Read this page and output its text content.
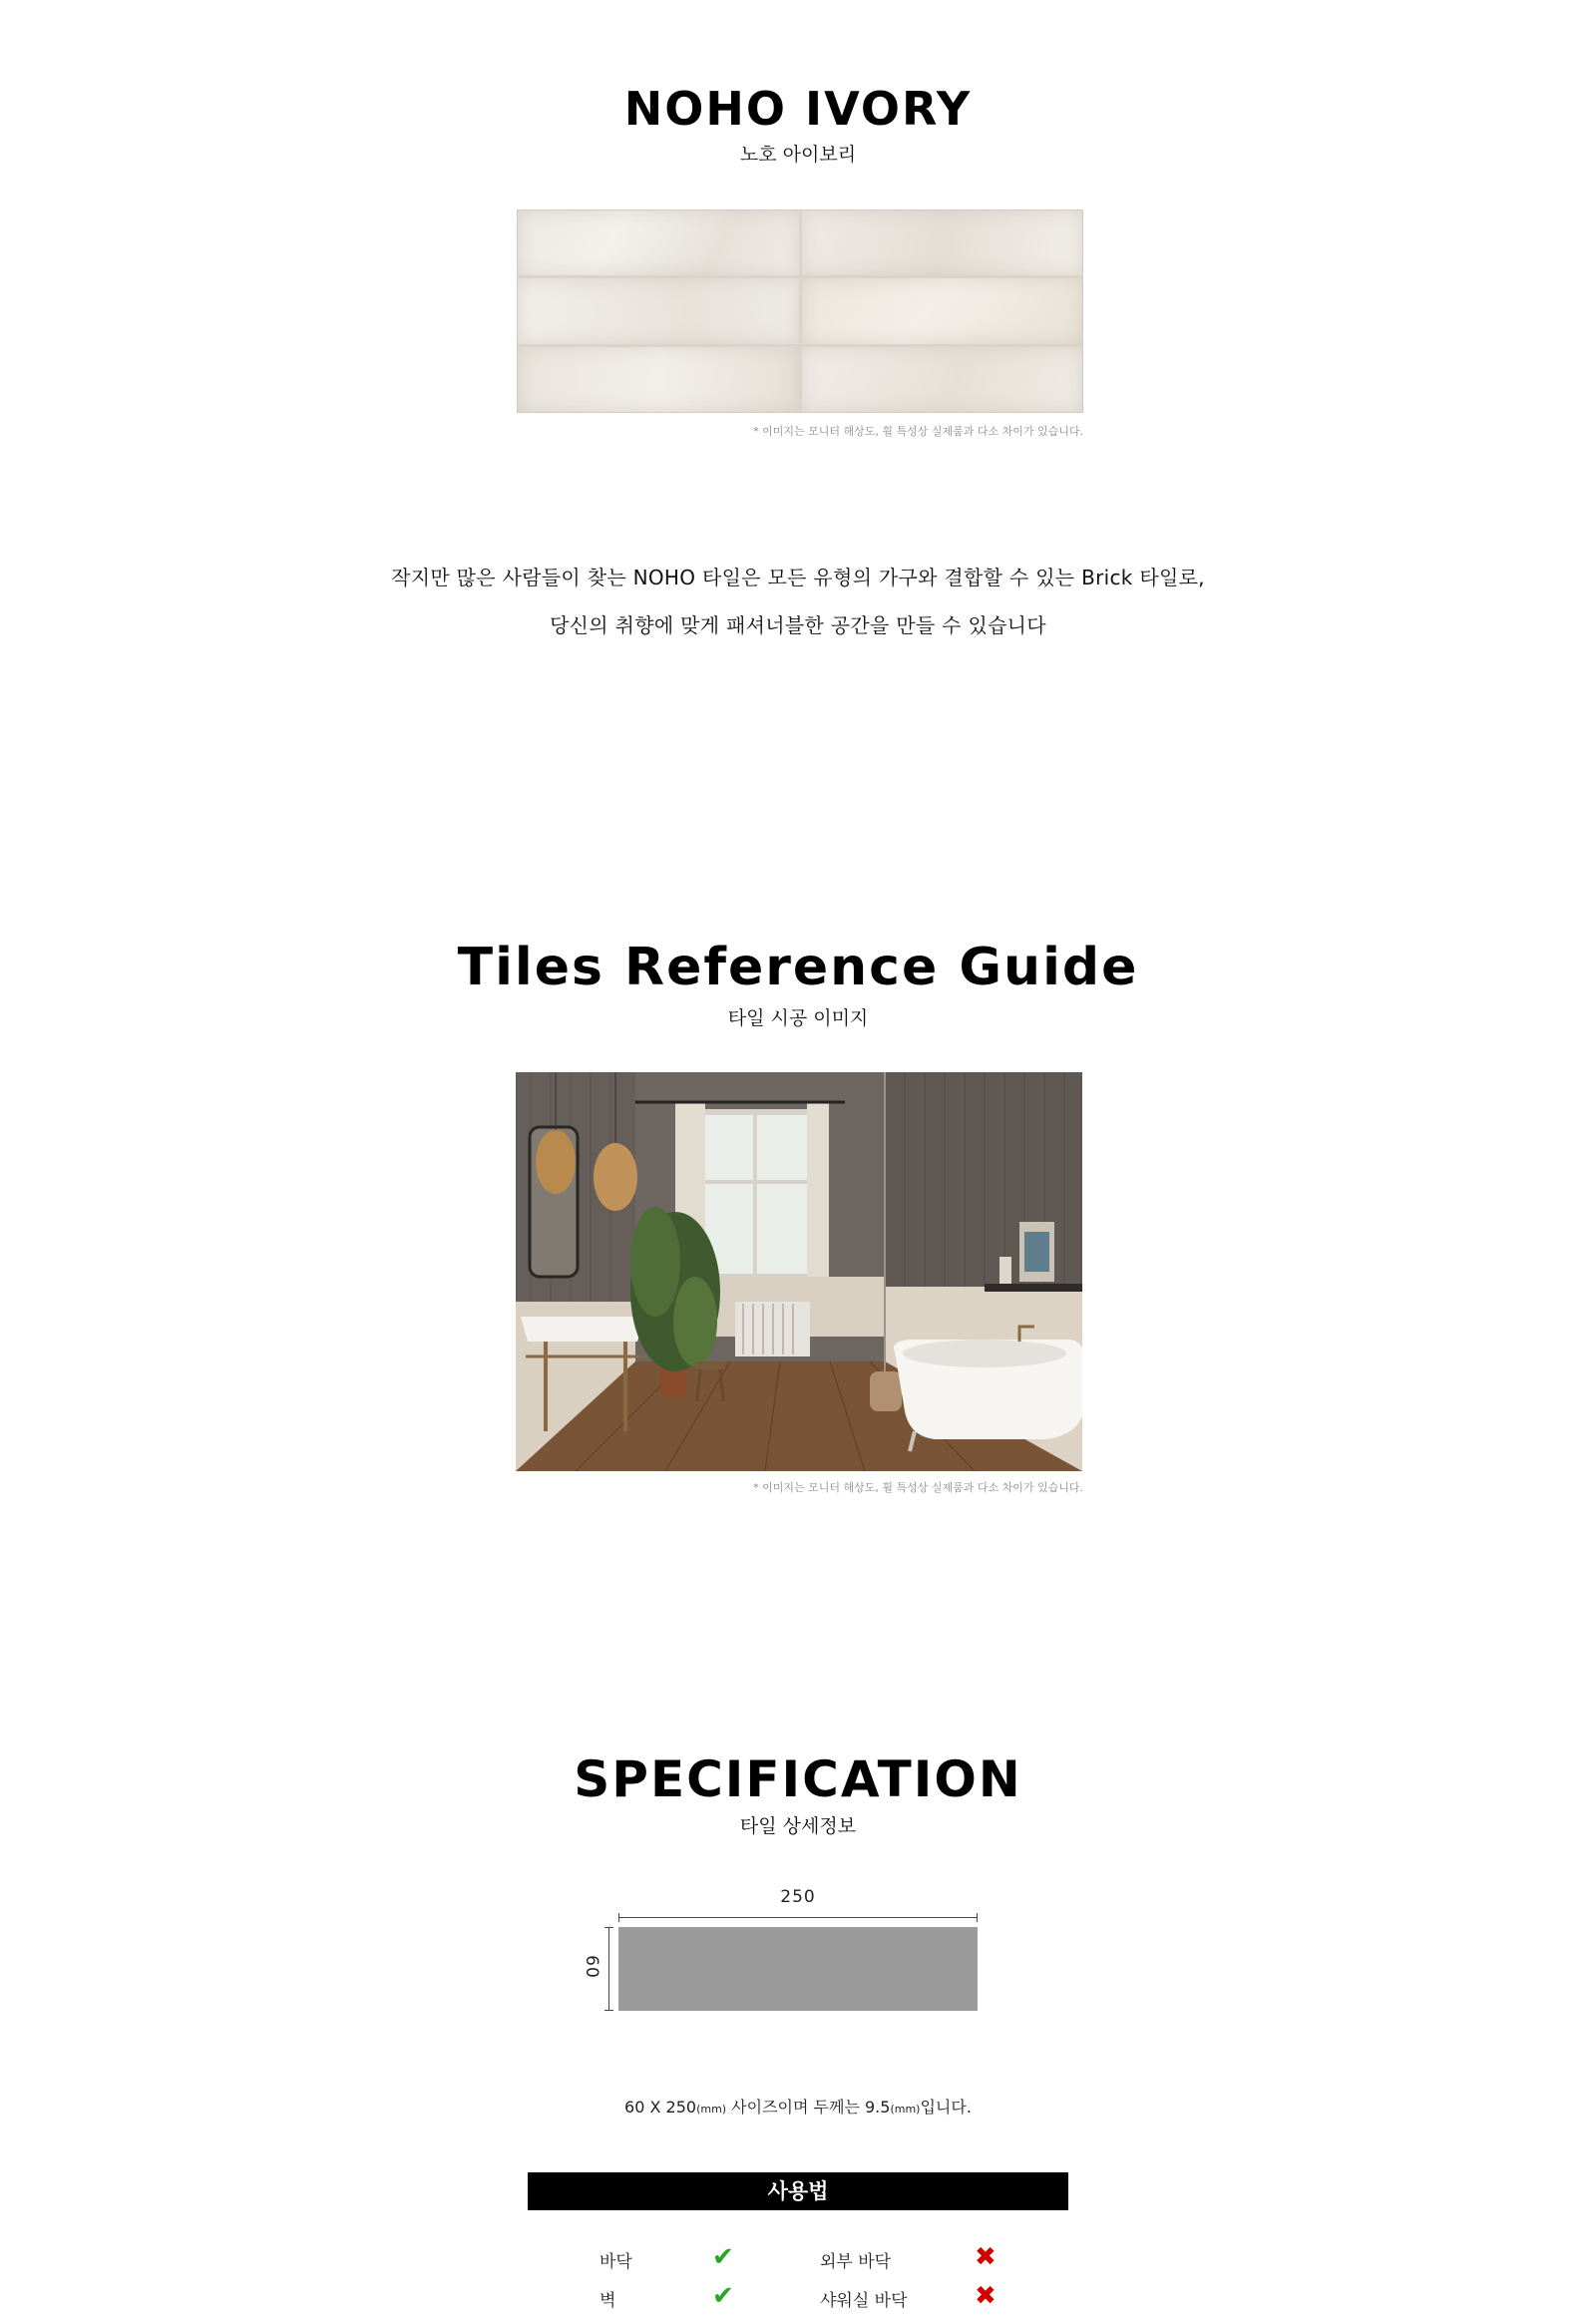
NOHO IVORY
노호 아이보리
* 이미지는 모니터 해상도, 휠 특성상 실제품과 다소 차이가 있습니다.
작지만 많은 사람들이 찾는 NOHO 타일은 모든 유형의 가구와 결합할 수 있는 Brick 타일로,
당신의 취향에 맞게 패셔너블한 공간을 만들 수 있습니다
Tiles Reference Guide
타일 시공 이미지
* 이미지는 모니터 해상도, 휠 특성상 실제품과 다소 차이가 있습니다.
SPECIFICATION
타일 상세정보
250
60
60 X 250(mm) 사이즈이며 두께는 9.5(mm)입니다.
사용법
바닥	✔	외부 바닥	✖
벽	✔	샤워실 바닥	✖
